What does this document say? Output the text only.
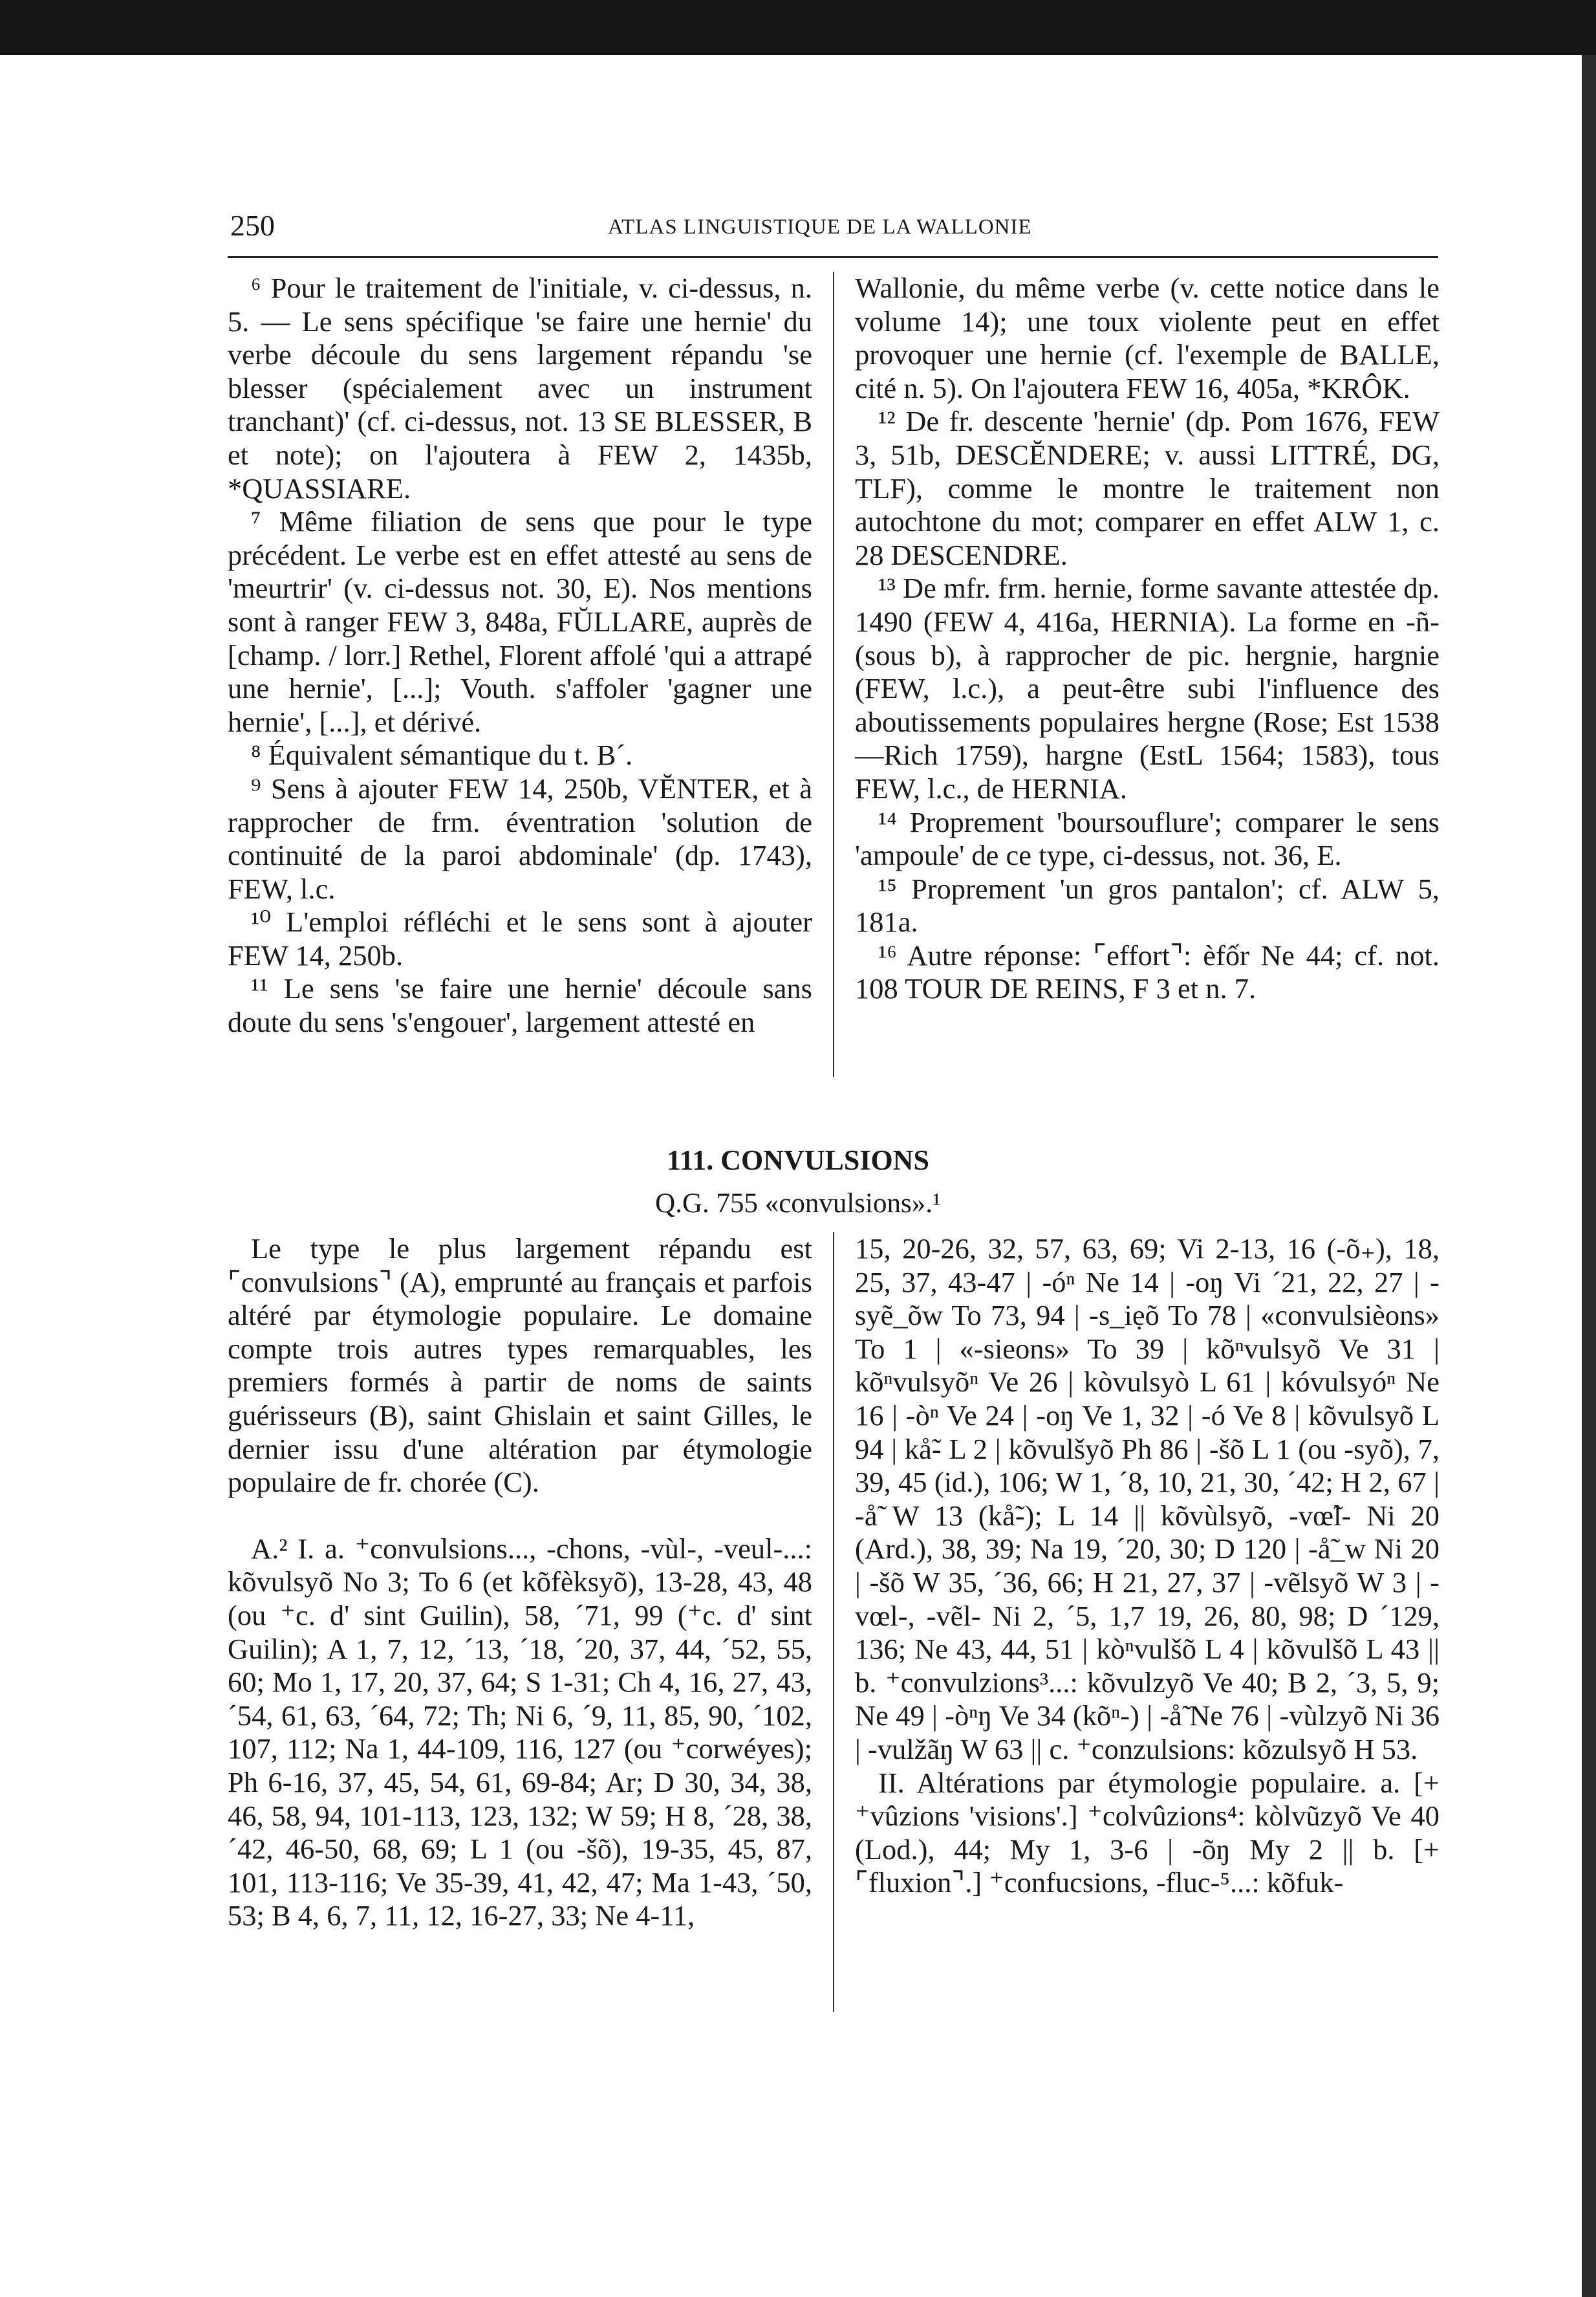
250	ATLAS LINGUISTIQUE DE LA WALLONIE

⁶ Pour le traitement de l'initiale, v. ci-dessus, n. 5. — Le sens spécifique 'se faire une hernie' du verbe découle du sens largement répandu 'se blesser (spécialement avec un instrument tranchant)' (cf. ci-dessus, not. 13 SE BLESSER, B et note); on l'ajoutera à FEW 2, 1435b, *QUASSIARE.

⁷ Même filiation de sens que pour le type précédent. Le verbe est en effet attesté au sens de 'meurtrir' (v. ci-dessus not. 30, E). Nos mentions sont à ranger FEW 3, 848a, FŬLLARE, auprès de [champ. / lorr.] Rethel, Florent affolé 'qui a attrapé une hernie', [...]; Vouth. s'affoler 'gagner une hernie', [...], et dérivé.

⁸ Équivalent sémantique du t. B´.

⁹ Sens à ajouter FEW 14, 250b, VĔNTER, et à rapprocher de frm. éventration 'solution de continuité de la paroi abdominale' (dp. 1743), FEW, l.c.

¹⁰ L'emploi réfléchi et le sens sont à ajouter FEW 14, 250b.

¹¹ Le sens 'se faire une hernie' découle sans doute du sens 's'engouer', largement attesté en

Wallonie, du même verbe (v. cette notice dans le volume 14); une toux violente peut en effet provoquer une hernie (cf. l'exemple de BALLE, cité n. 5). On l'ajoutera FEW 16, 405a, *KRÔK.

¹² De fr. descente 'hernie' (dp. Pom 1676, FEW 3, 51b, DESCĔNDERE; v. aussi LITTRÉ, DG, TLF), comme le montre le traitement non autochtone du mot; comparer en effet ALW 1, c. 28 DESCENDRE.

¹³ De mfr. frm. hernie, forme savante attestée dp. 1490 (FEW 4, 416a, HERNIA). La forme en -ñ- (sous b), à rapprocher de pic. hergnie, hargnie (FEW, l.c.), a peut-être subi l'influence des aboutissements populaires hergne (Rose; Est 1538—Rich 1759), hargne (EstL 1564; 1583), tous FEW, l.c., de HERNIA.

¹⁴ Proprement 'boursouflure'; comparer le sens 'ampoule' de ce type, ci-dessus, not. 36, E.

¹⁵ Proprement 'un gros pantalon'; cf. ALW 5, 181a.

¹⁶ Autre réponse: ⌜effort⌝: èfốr Ne 44; cf. not. 108 TOUR DE REINS, F 3 et n. 7.

111. CONVULSIONS
Q.G. 755 «convulsions».¹

Le type le plus largement répandu est ⌜convulsions⌝ (A), emprunté au français et parfois altéré par étymologie populaire. Le domaine compte trois autres types remarquables, les premiers formés à partir de noms de saints guérisseurs (B), saint Ghislain et saint Gilles, le dernier issu d'une altération par étymologie populaire de fr. chorée (C).

A.² I. a. ⁺convulsions..., -chons, -vùl-, -veul-...: kõvulsyõ No 3; To 6 (et kõfèksyõ), 13-28, 43, 48 (ou ⁺c. d' sint Guilin), 58, ´71, 99 (⁺c. d' sint Guilin); A 1, 7, 12, ´13, ´18, ´20, 37, 44, ´52, 55, 60; Mo 1, 17, 20, 37, 64; S 1-31; Ch 4, 16, 27, 43, ´54, 61, 63, ´64, 72; Th; Ni 6, ´9, 11, 85, 90, ´102, 107, 112; Na 1, 44-109, 116, 127 (ou ⁺corwéyes); Ph 6-16, 37, 45, 54, 61, 69-84; Ar; D 30, 34, 38, 46, 58, 94, 101-113, 123, 132; W 59; H 8, ´28, 38, ´42, 46-50, 68, 69; L 1 (ou -šõ), 19-35, 45, 87, 101, 113-116; Ve 35-39, 41, 42, 47; Ma 1-43, ´50, 53; B 4, 6, 7, 11, 12, 16-27, 33; Ne 4-11,

15, 20-26, 32, 57, 63, 69; Vi 2-13, 16 (-õ₊), 18, 25, 37, 43-47 | -óⁿ Ne 14 | -oŋ Vi ´21, 22, 27 | -syẽ_õw To 73, 94 | -s_iẹõ To 78 | «convulsièons» To 1 | «-sieons» To 39 | kõⁿvulsyõ Ve 31 | kõⁿvulsyõⁿ Ve 26 | kòvulsyò L 61 | kóvulsyóⁿ Ne 16 | -òⁿ Ve 24 | -oŋ Ve 1, 32 | -ó Ve 8 | kõvulsyõ L 94 | kå̃- L 2 | kõvulšyõ Ph 86 | -šõ L 1 (ou -syõ), 7, 39, 45 (id.), 106; W 1, ´8, 10, 21, 30, ´42; H 2, 67 | -å̃ W 13 (kå̃-); L 14 || kõvùlsyõ, -vœ̃l- Ni 20 (Ard.), 38, 39; Na 19, ´20, 30; D 120 | -å̃_w Ni 20 | -šõ W 35, ´36, 66; H 21, 27, 37 | -vẽlsyõ W 3 | -vœl-, -vẽl- Ni 2, ´5, 1,7 19, 26, 80, 98; D ´129, 136; Ne 43, 44, 51 | kòⁿvulšõ L 4 | kõvulšõ L 43 || b. ⁺convulzions³...: kõvulzyõ Ve 40; B 2, ´3, 5, 9; Ne 49 | -òⁿŋ Ve 34 (kõⁿ-) | -å̃ Ne 76 | -vùlzyõ Ni 36 | -vulžãŋ W 63 || c. ⁺conzulsions: kõzulsyõ H 53.

II. Altérations par étymologie populaire. a. [+ ⁺vûzions 'visions'.] ⁺colvûzions⁴: kòlvũzyõ Ve 40 (Lod.), 44; My 1, 3-6 | -õŋ My 2 || b. [+ ⌜fluxion⌝.] ⁺confucsions, -fluc-⁵...: kõfuk-
